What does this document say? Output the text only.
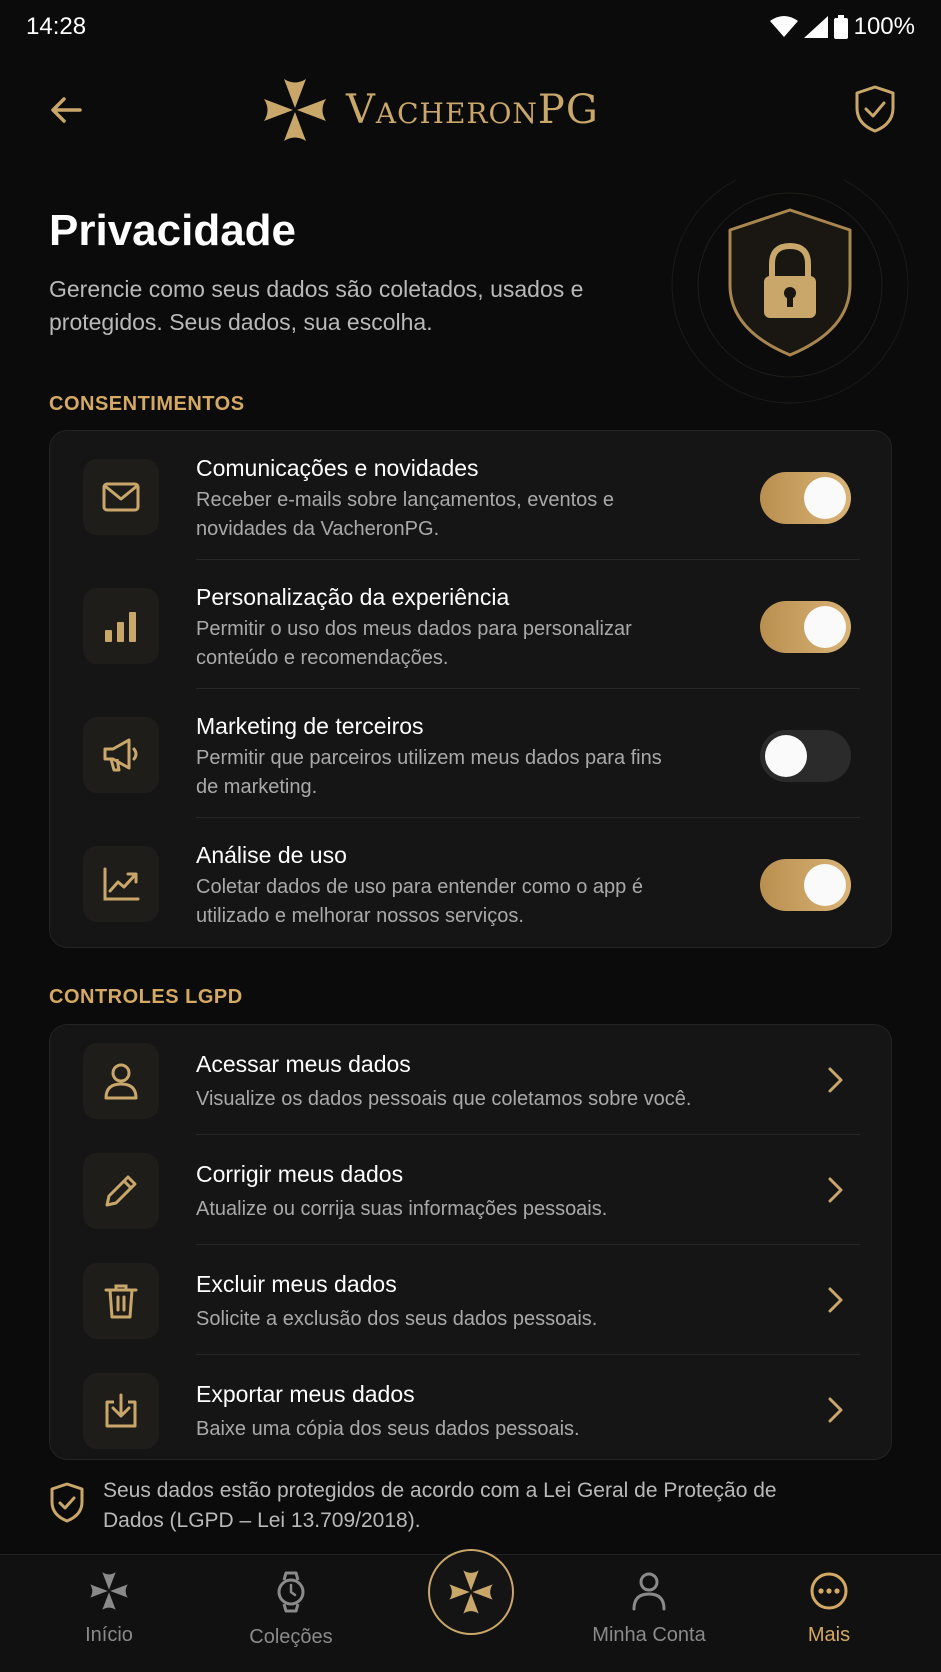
14:28	100%
VacheronPG
Privacidade

Gerencie como seus dados são coletados, usados e protegidos. Seus dados, sua escolha.

CONSENTIMENTOS
Comunicações e novidades
Receber e-mails sobre lançamentos, eventos e novidades da VacheronPG.
Personalização da experiência
Permitir o uso dos meus dados para personalizar conteúdo e recomendações.
Marketing de terceiros
Permitir que parceiros utilizem meus dados para fins de marketing.
Análise de uso
Coletar dados de uso para entender como o app é utilizado e melhorar nossos serviços.
CONTROLES LGPD
Acessar meus dados
Visualize os dados pessoais que coletamos sobre você.
Corrigir meus dados
Atualize ou corrija suas informações pessoais.
Excluir meus dados
Solicite a exclusão dos seus dados pessoais.
Exportar meus dados
Baixe uma cópia dos seus dados pessoais.
Seus dados estão protegidos de acordo com a Lei Geral de Proteção de Dados (LGPD – Lei 13.709/2018).
Início	Coleções	Minha Conta	Mais
